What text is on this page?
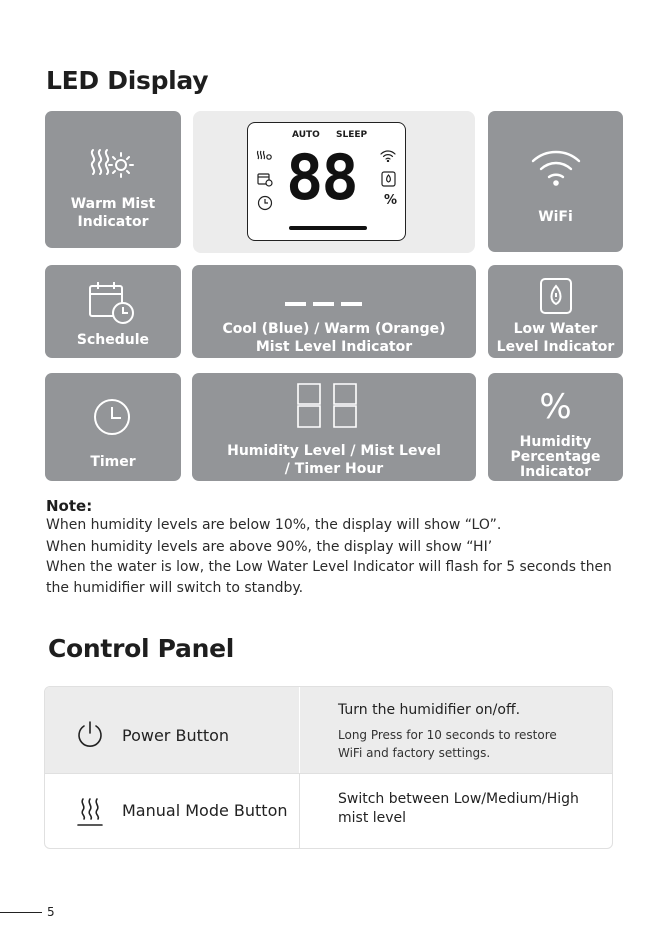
LED Display
Warm Mist
Indicator
AUTO SLEEP
88 %
WiFi
Schedule
Cool (Blue) / Warm (Orange)
Mist Level Indicator
Low Water
Level Indicator
Timer
Humidity Level / Mist Level
/ Timer Hour
%
Humidity
Percentage
Indicator
Note:
When humidity levels are below 10%, the display will show “LO”.
When humidity levels are above 90%, the display will show “HI’
When the water is low, the Low Water Level Indicator will flash for 5 seconds then
the humidifier will switch to standby.
Control Panel
Power Button
Turn the humidifier on/off.
Long Press for 10 seconds to restore
WiFi and factory settings.
Manual Mode Button
Switch between Low/Medium/High
mist level
5
